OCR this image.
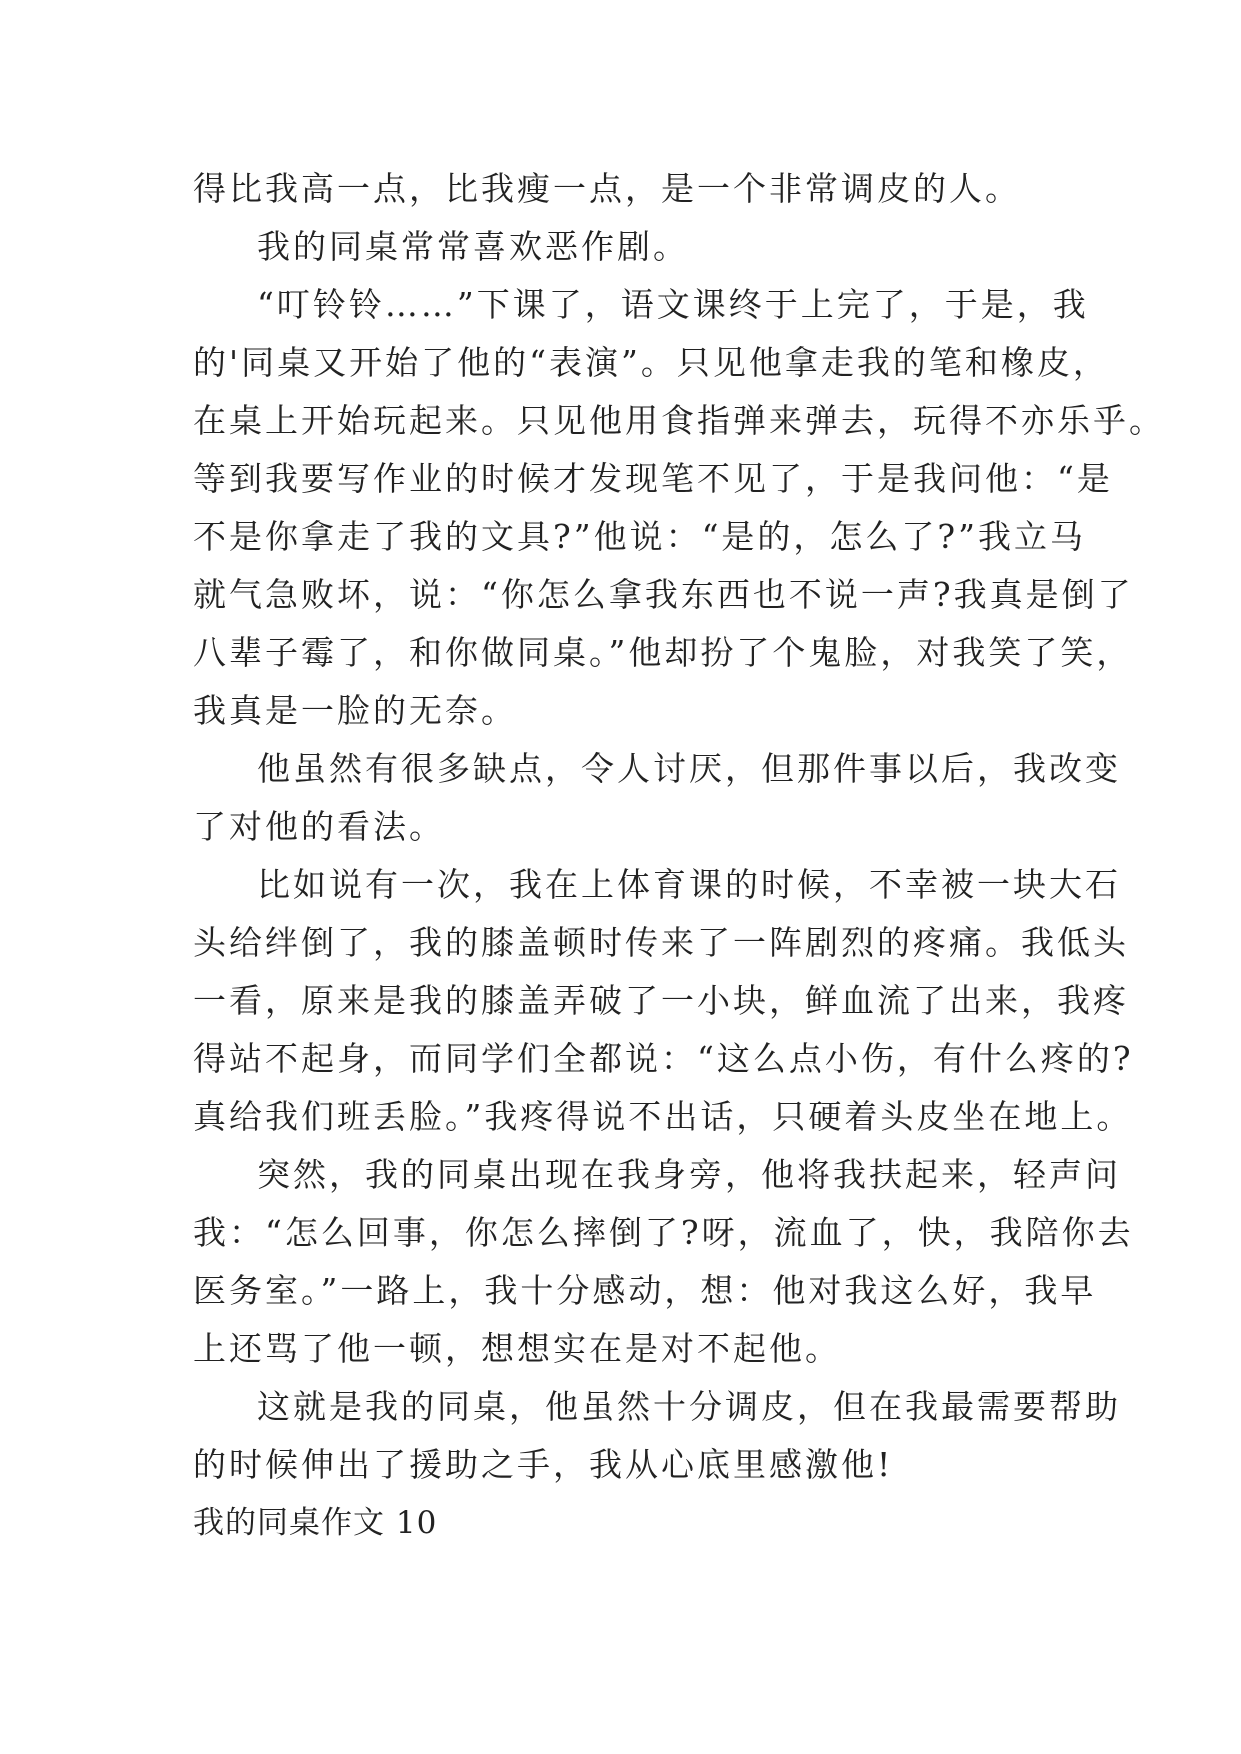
得比我高一点，比我瘦一点，是一个非常调皮的人。
我的同桌常常喜欢恶作剧。
“叮铃铃……”下课了，语文课终于上完了，于是，我
的'同桌又开始了他的“表演”。只见他拿走我的笔和橡皮，
在桌上开始玩起来。只见他用食指弹来弹去，玩得不亦乐乎。
等到我要写作业的时候才发现笔不见了，于是我问他：“是
不是你拿走了我的文具?”他说：“是的，怎么了?”我立马
就气急败坏，说：“你怎么拿我东西也不说一声?我真是倒了
八辈子霉了，和你做同桌。”他却扮了个鬼脸，对我笑了笑，
我真是一脸的无奈。
他虽然有很多缺点，令人讨厌，但那件事以后，我改变
了对他的看法。
比如说有一次，我在上体育课的时候，不幸被一块大石
头给绊倒了，我的膝盖顿时传来了一阵剧烈的疼痛。我低头
一看，原来是我的膝盖弄破了一小块，鲜血流了出来，我疼
得站不起身，而同学们全都说：“这么点小伤，有什么疼的?
真给我们班丢脸。”我疼得说不出话，只硬着头皮坐在地上。
突然，我的同桌出现在我身旁，他将我扶起来，轻声问
我：“怎么回事，你怎么摔倒了?呀，流血了，快，我陪你去
医务室。”一路上，我十分感动，想：他对我这么好，我早
上还骂了他一顿，想想实在是对不起他。
这就是我的同桌，他虽然十分调皮，但在我最需要帮助
的时候伸出了援助之手，我从心底里感激他!
我的同桌作文 10
